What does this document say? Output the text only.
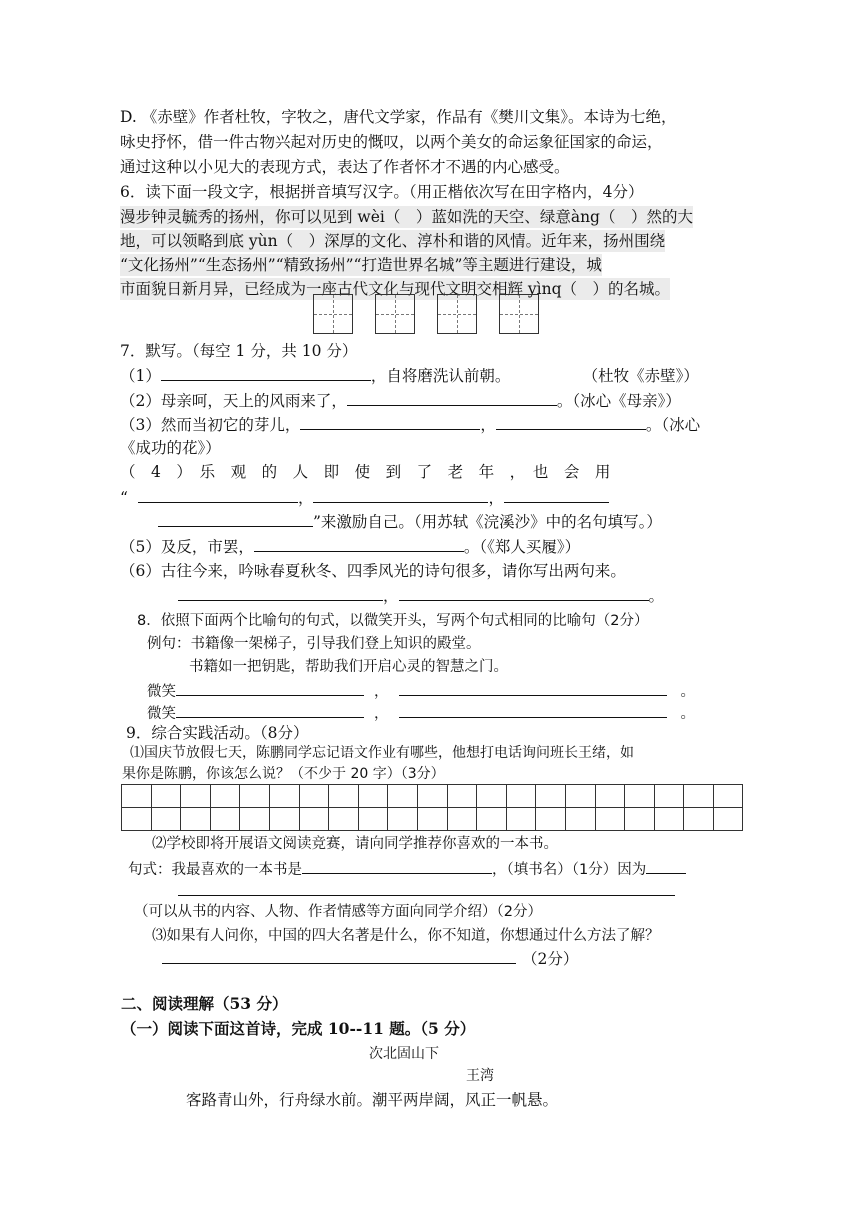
D. 《赤壁》作者杜牧，字牧之，唐代文学家，作品有《樊川文集》。本诗为七绝，
咏史抒怀，借一件古物兴起对历史的慨叹，以两个美女的命运象征国家的命运，
通过这种以小见大的表现方式，表达了作者怀才不遇的内心感受。
6．读下面一段文字，根据拼音填写汉字。（用正楷依次写在田字格内，4分）
漫步钟灵毓秀的扬州，你可以见到 wèi（　）蓝如洗的天空、绿意àng（　）然的大
地，可以领略到底 yùn（　）深厚的文化、淳朴和谐的风情。近年来，扬州围绕
“文化扬州”“生态扬州”“精致扬州”“打造世界名城”等主题进行建设，城
市面貌日新月异，已经成为一座古代文化与现代文明交相辉 yìnq（　）的名城。
7．默写。（每空 1 分，共 10 分）
（1）	，自将磨洗认前朝。	（杜牧《赤壁》）
（2）母亲呵，天上的风雨来了，	。（冰心《母亲》）
（3）然而当初它的芽儿，	，	。（冰心
《成功的花》）
（　4　）　乐　观　的　人　即　使　到　了　老　年　，　也　会　用
“	，	，
”来激励自己。（用苏轼《浣溪沙》中的名句填写。）
（5）及反，市罢，	。（《郑人买履》）
（6）古往今来，吟咏春夏秋冬、四季风光的诗句很多，请你写出两句来。
，	。
8．依照下面两个比喻句的句式，以微笑开头，写两个句式相同的比喻句（2分）
例句：书籍像一架梯子，引导我们登上知识的殿堂。
书籍如一把钥匙，帮助我们开启心灵的智慧之门。
微笑	，	。
微笑	，	。
9．综合实践活动。（8分）
⑴国庆节放假七天，陈鹏同学忘记语文作业有哪些，他想打电话询问班长王绪，如
果你是陈鹏，你该怎么说？（不少于 20 字）（3分）

⑵学校即将开展语文阅读竞赛，请向同学推荐你喜欢的一本书。
句式：我最喜欢的一本书是	，（填书名）（1分）因为
（可以从书的内容、人物、作者情感等方面向同学介绍）（2分）
⑶如果有人问你，中国的四大名著是什么，你不知道，你想通过什么方法了解？
（2分）
二、阅读理解（53 分）
（一）阅读下面这首诗，完成 10--11 题。（5 分）
次北固山下
王湾
客路青山外，行舟绿水前。潮平两岸阔，风正一帆悬。
